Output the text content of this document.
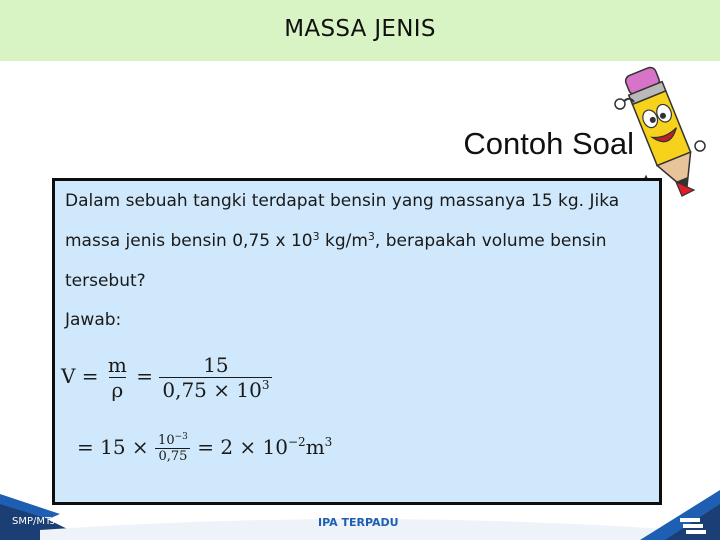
MASSA JENIS
Contoh Soal
Dalam sebuah tangki terdapat bensin yang massanya 15 kg. Jika
massa jenis bensin 0,75 x $10^3$ $kg/m^3$, berapakah volume bensin
tersebut?
Jawab:
$V = \frac{m}{\rho} = \frac{15}{0,75 \times 10^3}$
= $15 \times \frac{10^{-3}}{0,75} = 2 \times 10^{-2}m^3$
SMP/MTs	IPA TERPADU
